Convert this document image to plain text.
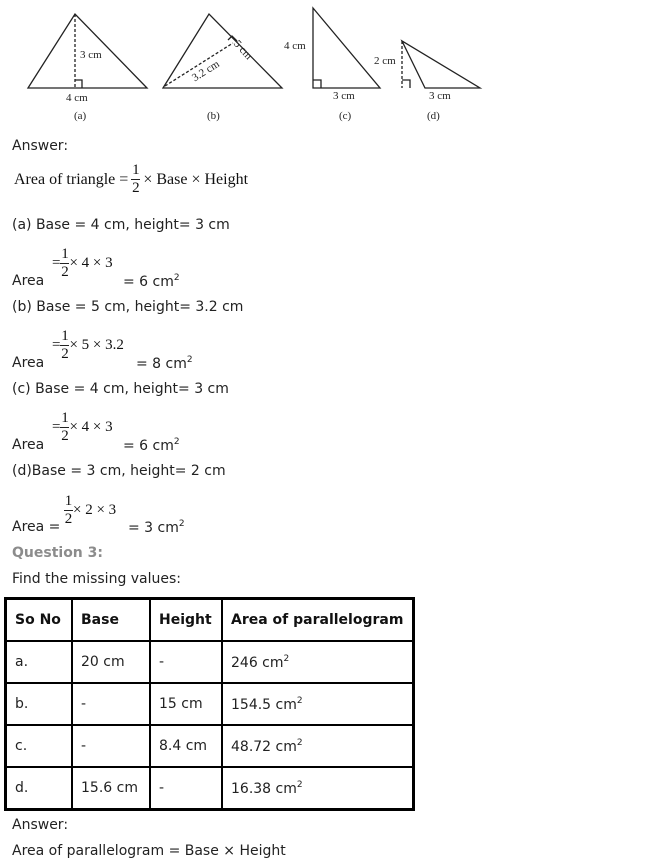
3 cm
4 cm
(a)
5 cm
3.2 cm
(b)
4 cm
3 cm
(c)
2 cm
3 cm
(d)
Answer:
Area of triangle = $\frac{1}{2}$ × Base × Height
(a) Base = 4 cm, height= 3 cm
= $\frac{1}{2} \times 4 \times 3$
Area	= 6 $cm^2$
(b) Base = 5 cm, height= 3.2 cm
= $\frac{1}{2} \times 5 \times 3.2$
Area	= 8 $cm^2$
(c) Base = 4 cm, height= 3 cm
= $\frac{1}{2} \times 4 \times 3$
Area	= 6 $cm^2$
(d)Base = 3 cm, height= 2 cm
$\frac{1}{2} \times 2 \times 3$
Area =	= 3 $cm^2$
Question 3:
Find the missing values:
So No	Base	Height	Area of parallelogram
a.	20 cm	-	246 $cm^2$
b.	-	15 cm	154.5 $cm^2$
c.	-	8.4 cm	48.72 $cm^2$
d.	15.6 cm	-	16.38 $cm^2$
Answer:
Area of parallelogram = Base × Height
